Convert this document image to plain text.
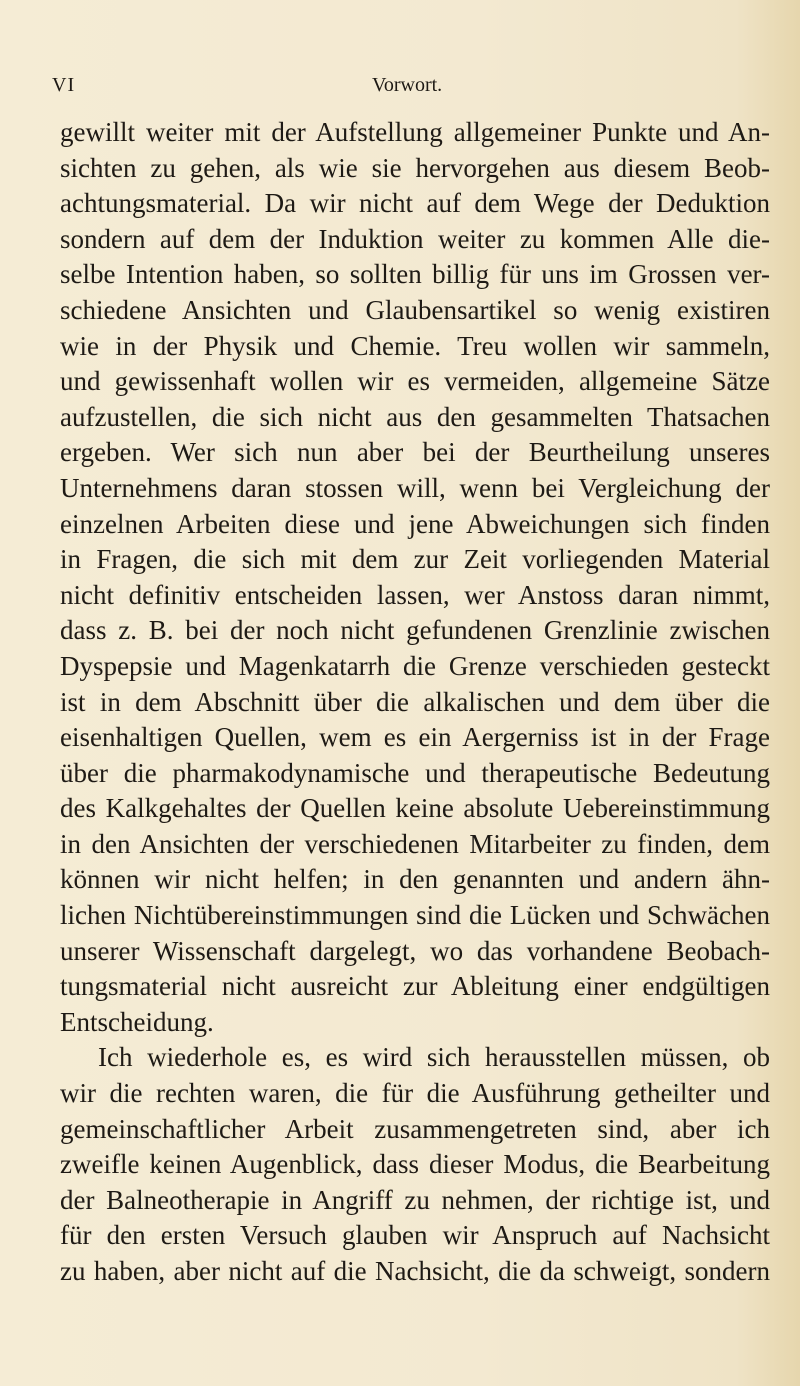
VI	Vorwort.
gewillt weiter mit der Aufstellung allgemeiner Punkte und An-
sichten zu gehen, als wie sie hervorgehen aus diesem Beob-
achtungsmaterial. Da wir nicht auf dem Wege der Deduktion
sondern auf dem der Induktion weiter zu kommen Alle die-
selbe Intention haben, so sollten billig für uns im Grossen ver-
schiedene Ansichten und Glaubensartikel so wenig existiren
wie in der Physik und Chemie. Treu wollen wir sammeln,
und gewissenhaft wollen wir es vermeiden, allgemeine Sätze
aufzustellen, die sich nicht aus den gesammelten Thatsachen
ergeben. Wer sich nun aber bei der Beurtheilung unseres
Unternehmens daran stossen will, wenn bei Vergleichung der
einzelnen Arbeiten diese und jene Abweichungen sich finden
in Fragen, die sich mit dem zur Zeit vorliegenden Material
nicht definitiv entscheiden lassen, wer Anstoss daran nimmt,
dass z. B. bei der noch nicht gefundenen Grenzlinie zwischen
Dyspepsie und Magenkatarrh die Grenze verschieden gesteckt
ist in dem Abschnitt über die alkalischen und dem über die
eisenhaltigen Quellen, wem es ein Aergerniss ist in der Frage
über die pharmakodynamische und therapeutische Bedeutung
des Kalkgehaltes der Quellen keine absolute Uebereinstimmung
in den Ansichten der verschiedenen Mitarbeiter zu finden, dem
können wir nicht helfen; in den genannten und andern ähn-
lichen Nichtübereinstimmungen sind die Lücken und Schwächen
unserer Wissenschaft dargelegt, wo das vorhandene Beobach-
tungsmaterial nicht ausreicht zur Ableitung einer endgültigen
Entscheidung.
Ich wiederhole es, es wird sich herausstellen müssen, ob
wir die rechten waren, die für die Ausführung getheilter und
gemeinschaftlicher Arbeit zusammengetreten sind, aber ich
zweifle keinen Augenblick, dass dieser Modus, die Bearbeitung
der Balneotherapie in Angriff zu nehmen, der richtige ist, und
für den ersten Versuch glauben wir Anspruch auf Nachsicht
zu haben, aber nicht auf die Nachsicht, die da schweigt, sondern
